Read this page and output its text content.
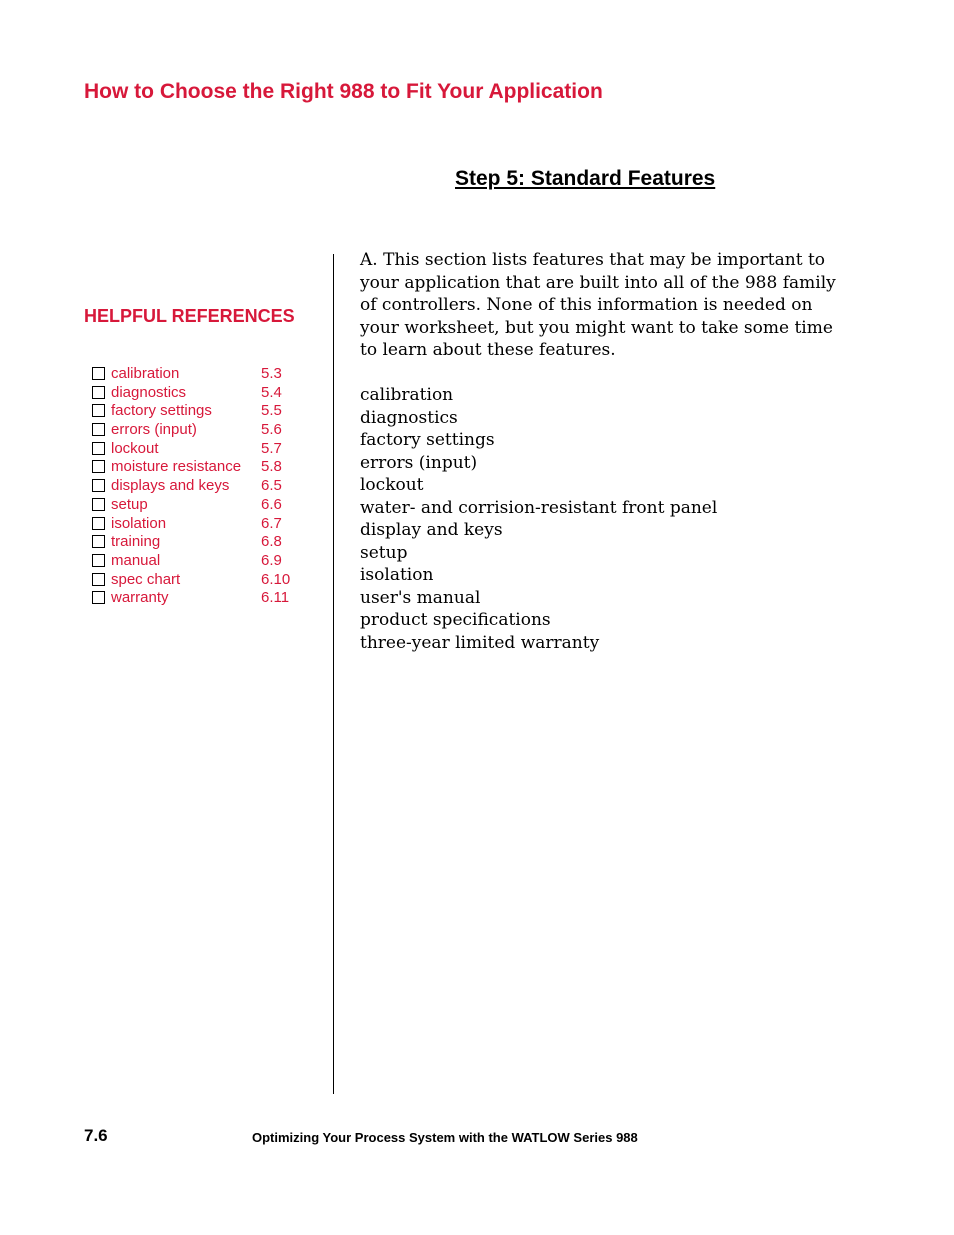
How to Choose the Right 988 to Fit Your Application
Step 5: Standard Features
HELPFUL REFERENCES
calibration	5.3
diagnostics	5.4
factory settings	5.5
errors (input)	5.6
lockout	5.7
moisture resistance 5.8
displays and keys 6.5
setup	6.6
isolation	6.7
training	6.8
manual	6.9
spec chart	6.10
warranty	6.11

A. This section lists features that may be important to your application that are built into all of the 988 family of controllers. None of this information is needed on your worksheet, but you might want to take some time to learn about these features.

calibration
diagnostics
factory settings
errors (input)
lockout
water- and corrision-resistant front panel
display and keys
setup
isolation
user's manual
product specifications
three-year limited warranty
7.6	Optimizing Your Process System with the WATLOW Series 988
